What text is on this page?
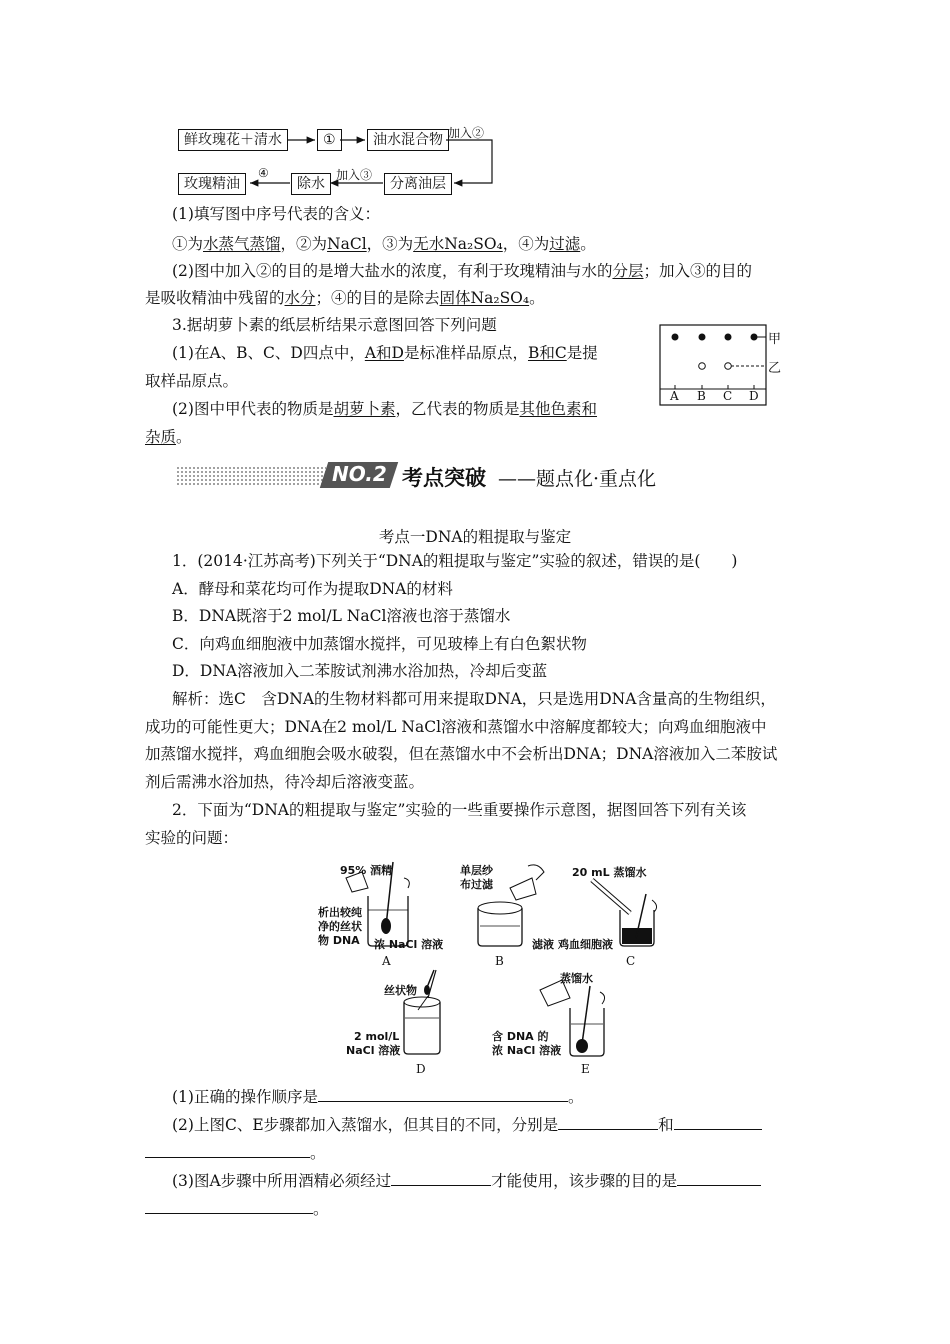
鲜玫瑰花＋清水	①	油水混合物
分离油层
除水
玫瑰精油
加入②
加入③
④
(1)填写图中序号代表的含义：
①为水蒸气蒸馏，②为NaCl，③为无水Na₂SO₄，④为过滤。
(2)图中加入②的目的是增大盐水的浓度，有利于玫瑰精油与水的分层；加入③的目的
是吸收精油中残留的水分；④的目的是除去固体Na₂SO₄。
3.据胡萝卜素的纸层析结果示意图回答下列问题
(1)在A、B、C、D四点中，A和D是标准样品原点，B和C是提
取样品原点。
(2)图中甲代表的物质是胡萝卜素，乙代表的物质是其他色素和
杂质。
甲
乙
A B C D
NO.2 考点突破 ——题点化·重点化
考点一DNA的粗提取与鉴定
1．(2014·江苏高考)下列关于“DNA的粗提取与鉴定”实验的叙述，错误的是(　　)
A．酵母和菜花均可作为提取DNA的材料
B．DNA既溶于2 mol/L NaCl溶液也溶于蒸馏水
C．向鸡血细胞液中加蒸馏水搅拌，可见玻棒上有白色絮状物
D．DNA溶液加入二苯胺试剂沸水浴加热，冷却后变蓝
解析：选C　含DNA的生物材料都可用来提取DNA，只是选用DNA含量高的生物组织，
成功的可能性更大；DNA在2 mol/L NaCl溶液和蒸馏水中溶解度都较大；向鸡血细胞液中
加蒸馏水搅拌，鸡血细胞会吸水破裂，但在蒸馏水中不会析出DNA；DNA溶液加入二苯胺试
剂后需沸水浴加热，待冷却后溶液变蓝。
2．下面为“DNA的粗提取与鉴定”实验的一些重要操作示意图，据图回答下列有关该
实验的问题：
95% 酒精
析出较纯
净的丝状
物 DNA 浓 NaCl 溶液
A
单层纱
布过滤
滤液
B
20 mL 蒸馏水
鸡血细胞液
C
丝状物
2 mol/L
NaCl 溶液
D
蒸馏水
含 DNA 的
浓 NaCl 溶液
E
(1)正确的操作顺序是	。
(2)上图C、E步骤都加入蒸馏水，但其目的不同，分别是	和
。
(3)图A步骤中所用酒精必须经过	才能使用，该步骤的目的是
。
